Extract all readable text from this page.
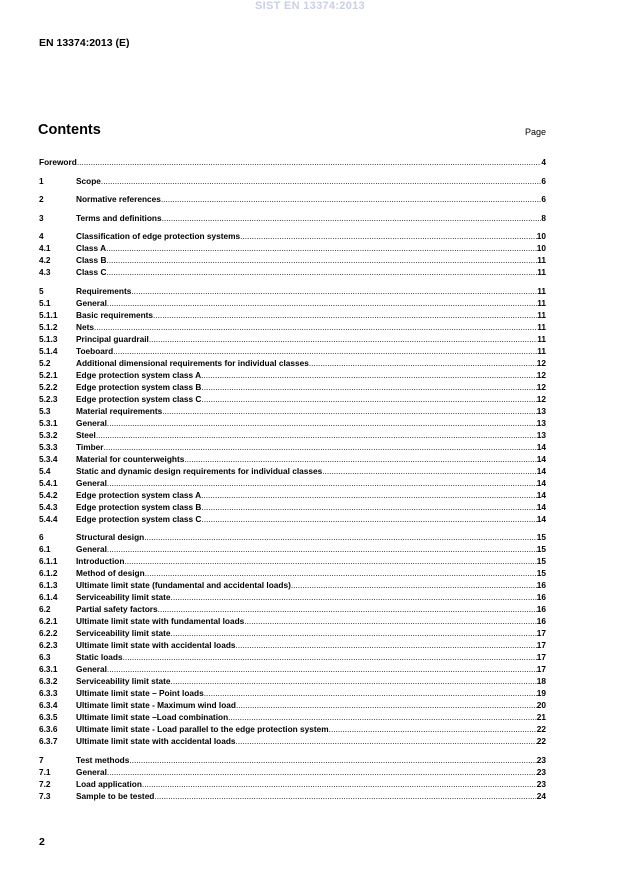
SIST EN 13374:2013
EN 13374:2013 (E)
Contents	Page
Foreword .....	4
1	Scope .....	6
2	Normative references .....	6
3	Terms and definitions .....	8
4	Classification of edge protection systems .....	10
4.1	Class A .....	10
4.2	Class B .....	11
4.3	Class C .....	11
5	Requirements .....	11
5.1	General .....	11
5.1.1	Basic requirements .....	11
5.1.2	Nets .....	11
5.1.3	Principal guardrail .....	11
5.1.4	Toeboard .....	11
5.2	Additional dimensional requirements for individual classes .....	12
5.2.1	Edge protection system class A .....	12
5.2.2	Edge protection system class B .....	12
5.2.3	Edge protection system class C .....	12
5.3	Material requirements .....	13
5.3.1	General .....	13
5.3.2	Steel .....	13
5.3.3	Timber .....	14
5.3.4	Material for counterweights .....	14
5.4	Static and dynamic design requirements for individual classes .....	14
5.4.1	General .....	14
5.4.2	Edge protection system class A .....	14
5.4.3	Edge protection system class B .....	14
5.4.4	Edge protection system class C .....	14
6	Structural design .....	15
6.1	General .....	15
6.1.1	Introduction .....	15
6.1.2	Method of design .....	15
6.1.3	Ultimate limit state (fundamental and accidental loads) .....	16
6.1.4	Serviceability limit state .....	16
6.2	Partial safety factors .....	16
6.2.1	Ultimate limit state with fundamental loads .....	16
6.2.2	Serviceability limit state .....	17
6.2.3	Ultimate limit state with accidental loads .....	17
6.3	Static loads .....	17
6.3.1	General .....	17
6.3.2	Serviceability limit state .....	18
6.3.3	Ultimate limit state – Point loads .....	19
6.3.4	Ultimate limit state - Maximum wind load .....	20
6.3.5	Ultimate limit state –Load combination .....	21
6.3.6	Ultimate limit state - Load parallel to the edge protection system .....	22
6.3.7	Ultimate limit state with accidental loads .....	22
7	Test methods .....	23
7.1	General .....	23
7.2	Load application .....	23
7.3	Sample to be tested .....	24
2
